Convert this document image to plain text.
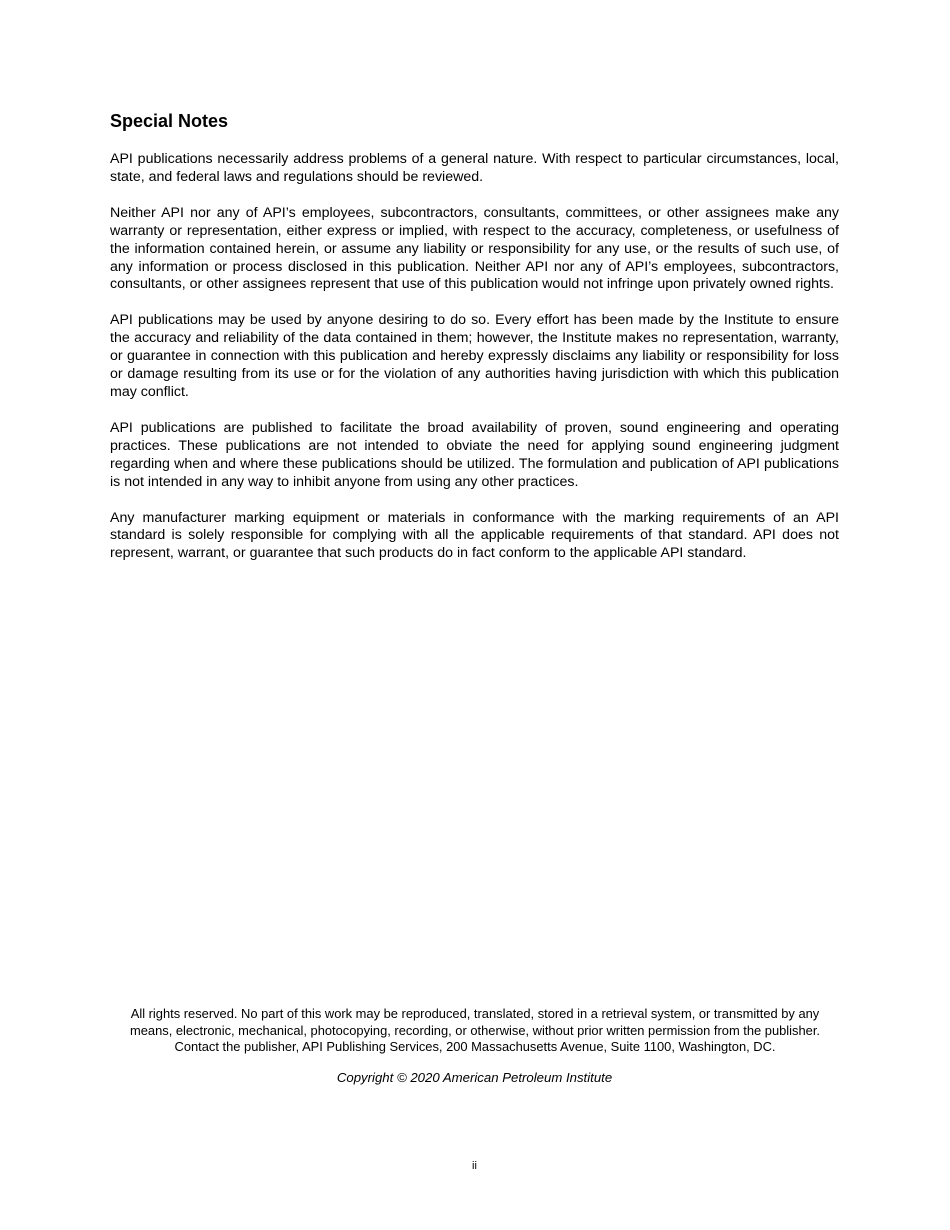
Special Notes

API publications necessarily address problems of a general nature. With respect to particular circumstances, local, state, and federal laws and regulations should be reviewed.

Neither API nor any of API’s employees, subcontractors, consultants, committees, or other assignees make any warranty or representation, either express or implied, with respect to the accuracy, completeness, or usefulness of the information contained herein, or assume any liability or responsibility for any use, or the results of such use, of any information or process disclosed in this publication. Neither API nor any of API’s employees, subcontractors, consultants, or other assignees represent that use of this publication would not infringe upon privately owned rights.

API publications may be used by anyone desiring to do so. Every effort has been made by the Institute to ensure the accuracy and reliability of the data contained in them; however, the Institute makes no representation, warranty, or guarantee in connection with this publication and hereby expressly disclaims any liability or responsibility for loss or damage resulting from its use or for the violation of any authorities having jurisdiction with which this publication may conflict.

API publications are published to facilitate the broad availability of proven, sound engineering and operating practices. These publications are not intended to obviate the need for applying sound engineering judgment regarding when and where these publications should be utilized. The formulation and publication of API publications is not intended in any way to inhibit anyone from using any other practices.

Any manufacturer marking equipment or materials in conformance with the marking requirements of an API standard is solely responsible for complying with all the applicable requirements of that standard. API does not represent, warrant, or guarantee that such products do in fact conform to the applicable API standard.

All rights reserved. No part of this work may be reproduced, translated, stored in a retrieval system, or transmitted by any means, electronic, mechanical, photocopying, recording, or otherwise, without prior written permission from the publisher. Contact the publisher, API Publishing Services, 200 Massachusetts Avenue, Suite 1100, Washington, DC.

Copyright © 2020 American Petroleum Institute

ii
